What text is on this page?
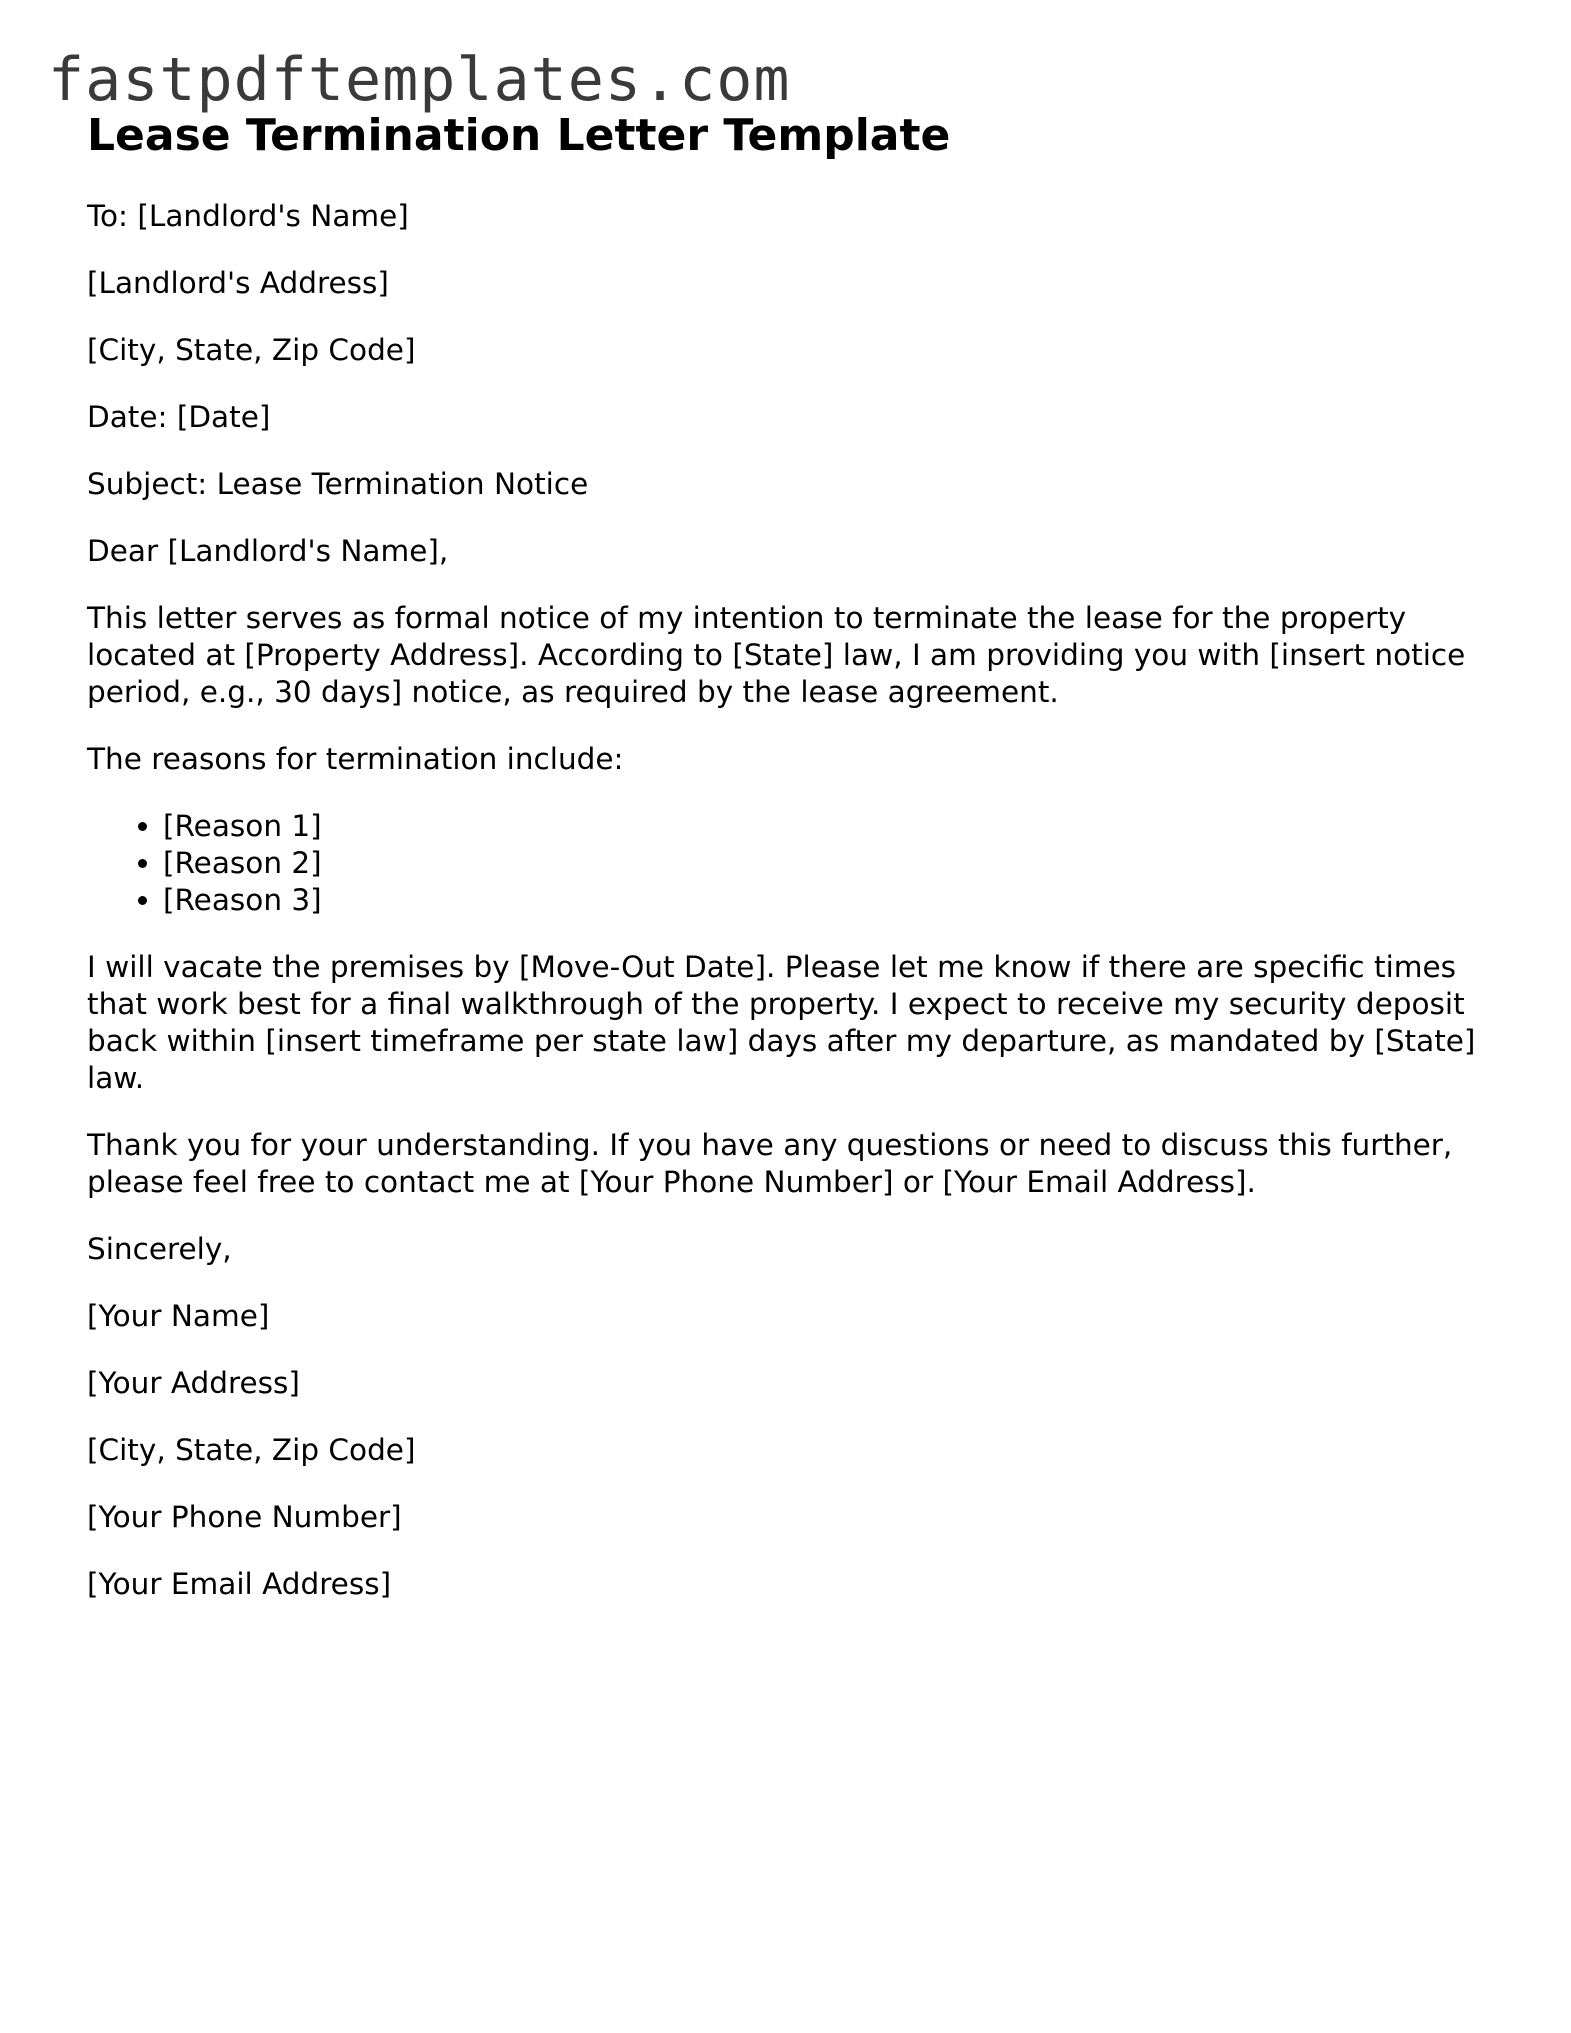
fastpdftemplates.com
Lease Termination Letter Template

To: [Landlord's Name]

[Landlord's Address]

[City, State, Zip Code]

Date: [Date]

Subject: Lease Termination Notice

Dear [Landlord's Name],

This letter serves as formal notice of my intention to terminate the lease for the property located at [Property Address]. According to [State] law, I am providing you with [insert notice period, e.g., 30 days] notice, as required by the lease agreement.

The reasons for termination include:

• [Reason 1]
• [Reason 2]
• [Reason 3]

I will vacate the premises by [Move-Out Date]. Please let me know if there are specific times that work best for a final walkthrough of the property. I expect to receive my security deposit back within [insert timeframe per state law] days after my departure, as mandated by [State] law.

Thank you for your understanding. If you have any questions or need to discuss this further, please feel free to contact me at [Your Phone Number] or [Your Email Address].

Sincerely,

[Your Name]

[Your Address]

[City, State, Zip Code]

[Your Phone Number]

[Your Email Address]
